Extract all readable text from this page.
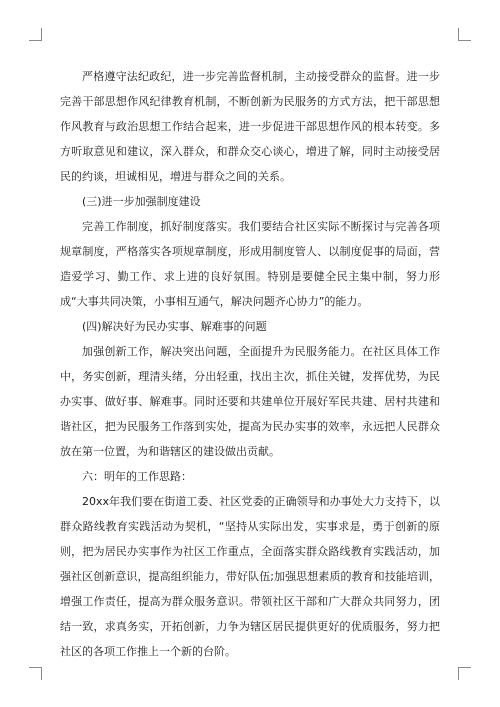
严格遵守法纪政纪，进一步完善监督机制，主动接受群众的监督。进一步完善干部思想作风纪律教育机制，不断创新为民服务的方式方法，把干部思想作风教育与政治思想工作结合起来，进一步促进干部思想作风的根本转变。多方听取意见和建议，深入群众，和群众交心谈心，增进了解，同时主动接受居民的约谈，坦诚相见，增进与群众之间的关系。

(三)进一步加强制度建设

完善工作制度，抓好制度落实。我们要结合社区实际不断探讨与完善各项规章制度，严格落实各项规章制度，形成用制度管人、以制度促事的局面，营造爱学习、勤工作、求上进的良好氛围。特别是要健全民主集中制，努力形成“大事共同决策，小事相互通气，解决问题齐心协力”的能力。

(四)解决好为民办实事、解难事的问题

加强创新工作，解决突出问题，全面提升为民服务能力。在社区具体工作中，务实创新，理清头绪，分出轻重，找出主次，抓住关键，发挥优势，为民办实事、做好事、解难事。同时还要和共建单位开展好军民共建、居村共建和谐社区，把为民服务工作落到实处，提高为民办实事的效率，永远把人民群众放在第一位置，为和谐辖区的建设做出贡献。

六：明年的工作思路：

20xx年我们要在街道工委、社区党委的正确领导和办事处大力支持下，以群众路线教育实践活动为契机，“坚持从实际出发，实事求是，勇于创新的原则，把为居民办实事作为社区工作重点，全面落实群众路线教育实践活动，加强社区创新意识，提高组织能力，带好队伍;加强思想素质的教育和技能培训，增强工作责任，提高为群众服务意识。带领社区干部和广大群众共同努力，团结一致，求真务实，开拓创新，力争为辖区居民提供更好的优质服务，努力把社区的各项工作推上一个新的台阶。
